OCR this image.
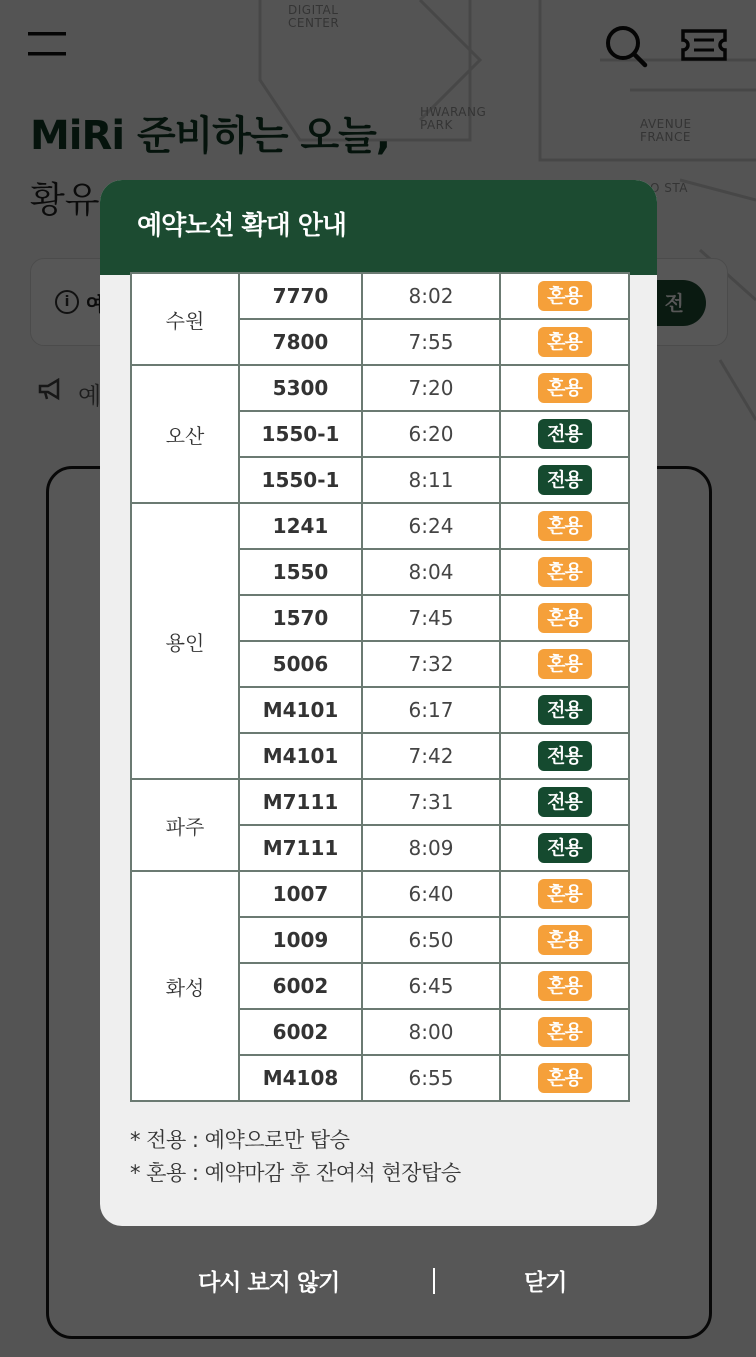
예약노선 확대 안내
수원	7770	8:02	혼용
	7800	7:55	혼용
오산	5300	7:20	혼용
	1550-1	6:20	전용
	1550-1	8:11	전용
용인	1241	6:24	혼용
	1550	8:04	혼용
	1570	7:45	혼용
	5006	7:32	혼용
	M4101	6:17	전용
	M4101	7:42	전용
파주	M7111	7:31	전용
	M7111	8:09	전용
화성	1007	6:40	혼용
	1009	6:50	혼용
	6002	6:45	혼용
	6002	8:00	혼용
	M4108	6:55	혼용
* 전용 : 예약으로만 탑승
* 혼용 : 예약마감 후 잔여석 현장탑승
다시 보지 않기	닫기
